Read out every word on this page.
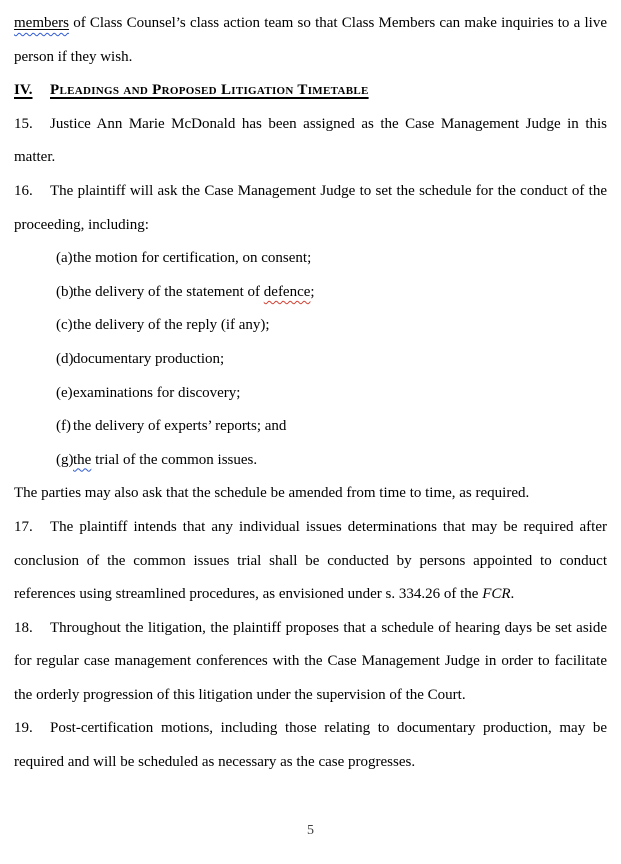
members of Class Counsel’s class action team so that Class Members can make inquiries to a live person if they wish.

IV. Pleadings and Proposed Litigation Timetable

15. Justice Ann Marie McDonald has been assigned as the Case Management Judge in this matter.

16. The plaintiff will ask the Case Management Judge to set the schedule for the conduct of the proceeding, including:

(a)the motion for certification, on consent;
(b)the delivery of the statement of defence;
(c)the delivery of the reply (if any);
(d)documentary production;
(e)examinations for discovery;
(f) the delivery of experts’ reports; and
(g)the trial of the common issues.

The parties may also ask that the schedule be amended from time to time, as required.

17. The plaintiff intends that any individual issues determinations that may be required after conclusion of the common issues trial shall be conducted by persons appointed to conduct references using streamlined procedures, as envisioned under s. 334.26 of the FCR.

18. Throughout the litigation, the plaintiff proposes that a schedule of hearing days be set aside for regular case management conferences with the Case Management Judge in order to facilitate the orderly progression of this litigation under the supervision of the Court.

19. Post-certification motions, including those relating to documentary production, may be required and will be scheduled as necessary as the case progresses.

5
